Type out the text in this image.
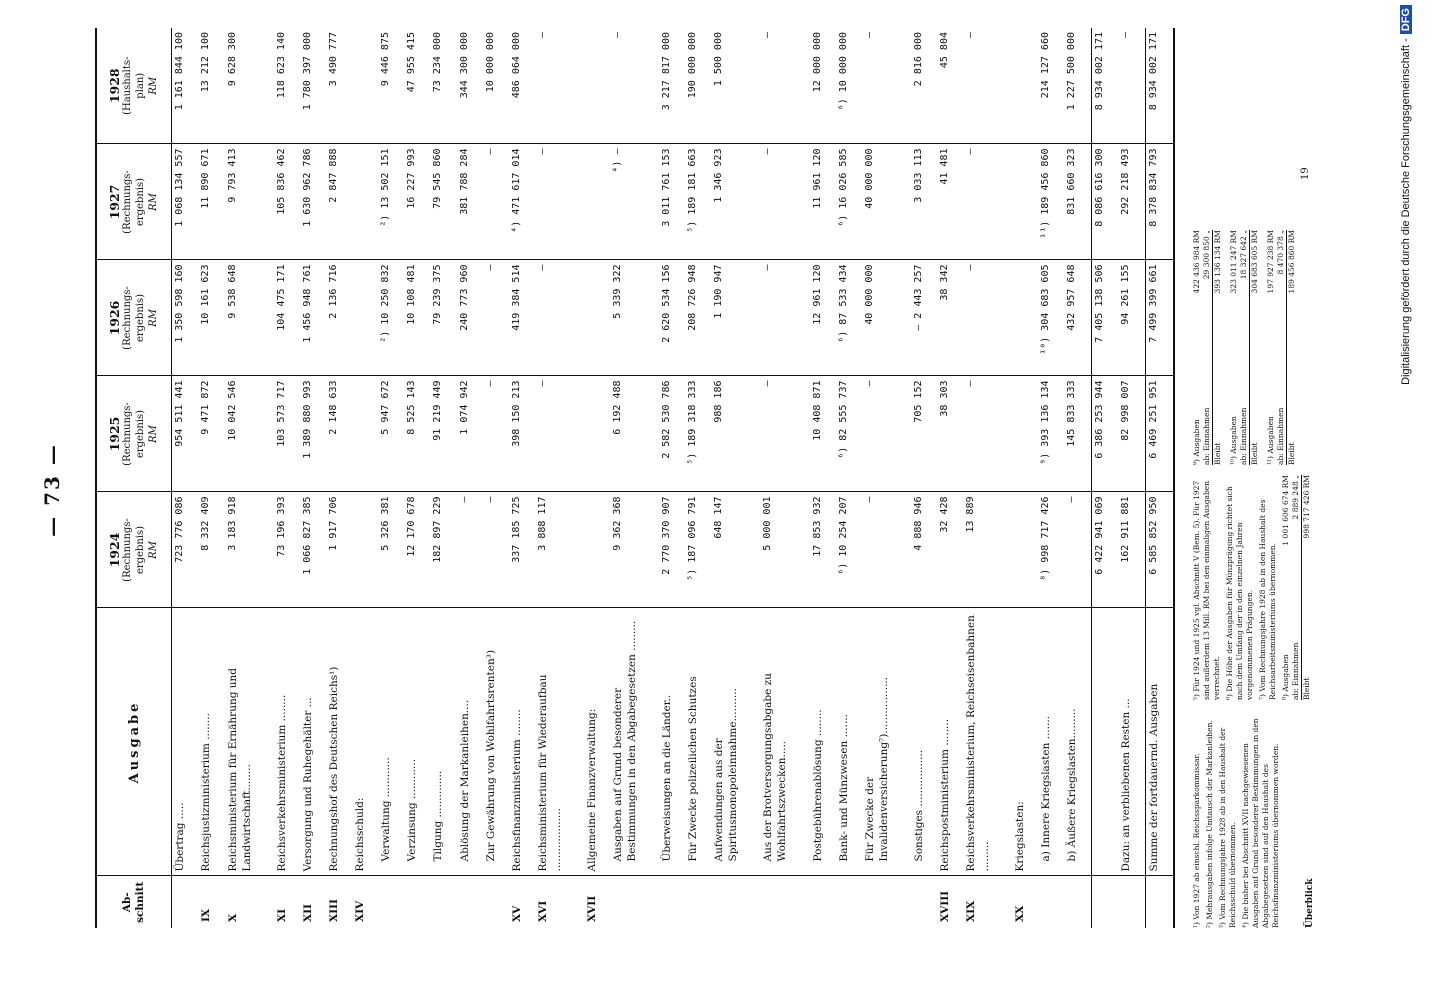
— 73 —
Ab-
schnitt	Ausgabe	1924 (Rechnungs-
ergebnis) RM	1925 (Rechnungs-
ergebnis) RM	1926 (Rechnungs-
ergebnis) RM	1927 (Rechnungs-
ergebnis) RM	1928 (Haushalts-
plan) RM

	Übertrag .....	723 776 086	954 511 441	1 350 598 160	1 068 134 557	1 161 844 100
IX	Reichsjustizministerium ........	8 332 409	9 471 872	10 161 623	11 890 671	13 212 100
X	Reichsministerium für Ernährung und Landwirtschaft........	3 183 918	10 042 546	9 538 648	9 793 413	9 628 300
XI	Reichsverkehrsministerium ........	73 196 393	103 573 717	104 475 171	105 836 462	118 623 140
XII	Versorgung und Ruhegehälter ...	1 066 827 385	1 389 880 993	1 456 948 761	1 630 962 786	1 780 397 000
XIII	Rechnungshof des Deutschen Reichs¹)	1 917 706	2 148 633	2 136 716	2 847 888	3 490 777
XIV	Reichsschuld:					
	Verwaltung ............	5 326 381	5 947 672	²) 10 250 832	²) 13 502 151	9 446 875
	Verzinsung ............	12 170 678	8 525 143	10 108 481	16 227 993	47 955 415
	Tilgung ..............	182 897 229	91 219 449	79 239 375	79 545 860	73 234 000
	Ablösung der Markanleihen....	—	1 074 942	240 773 960	381 788 284	344 300 000
	Zur Gewährung von Wohlfahrtsrenten³)	—	—	—	—	10 000 000
XV	Reichsfinanzministerium ........	337 185 725	398 150 213	419 384 514	⁴) 471 617 014	486 064 000
XVI	Reichsministerium für Wiederaufbau ...................	3 888 117	—	—	—	—
XVII	Allgemeine Finanzverwaltung:					
	Ausgaben auf Grund besonderer Bestimmungen in den Abgabegesetzen .........	9 362 368	6 192 488	5 339 322	⁴) —	—
	Überweisungen an die Länder..	2 770 370 907	2 582 530 786	2 620 534 156	3 011 761 153	3 217 817 000
	Für Zwecke polizeilichen Schutzes	⁵) 187 096 791	⁵) 189 318 333	208 726 948	⁵) 189 181 663	190 000 000
	Aufwendungen aus der Spiritusmonopoleinnahme..........	648 147	988 186	1 190 947	1 346 923	1 500 000
	Aus der Brotversorgungsabgabe zu Wohlfahrtszwecken.....	5 000 001	—	—	—	—
	Postgebührenablösung ........	17 853 932	10 408 871	12 961 120	11 961 120	12 000 000
	Bank- und Münzwesen .......	⁶) 10 254 207	⁶) 82 555 737	⁶) 87 533 434	⁶) 16 026 585	⁶) 10 000 000
	Für Zwecke der Invalidenversicherung⁷).................	—	—	40 000 000	40 000 000	—
	Sonstiges .................	4 888 946	705 152	— 2 443 257	3 033 113	2 816 000
XVIII	Reichspostministerium ........	32 428	38 303	38 342	41 481	45 804
XIX	Reichsverkehrsministerium, Reichseisenbahnen .........	13 889	—	—	—	—
XX	Kriegslasten:					
	a) Innere Kriegslasten .......	⁸) 998 717 426	⁹) 393 136 134	¹⁰) 304 683 605	¹¹) 189 456 860	214 127 660
	b) Äußere Kriegslasten.........	—	145 833 333	432 957 648	831 660 323	1 227 500 000
		6 422 941 069	6 386 253 944	7 405 138 506	8 086 616 300	8 934 002 171
	Dazu: an verbliebenen Resten ...	162 911 881	82 998 007	94 261 155	292 218 493	—
	Summe der fortdauernd. Ausgaben	6 585 852 950	6 469 251 951	7 499 399 661	8 378 834 793	8 934 002 171
¹) Von 1927 ab einschl. Reichssparkommissar. ²) Mehrausgaben infolge Umtausch der Markanleihen. ³) Vom Rechnungsjahre 1928 ab in den Haushalt der Reichsschuld übernommen. ⁴) Die bisher bei Abschnitt XVII nachgewiesenen Ausgaben auf Grund besonderer Bestimmungen in den Abgabegesetzen sind auf den Haushalt des Reichsfinanzministeriums übernommen worden.
⁵) Für 1924 und 1925 vgl. Abschnitt V (Bem. 5). Für 1927 sind außerdem 13 Mill. RM bei den einmaligen Ausgaben verrechnet. ⁶) Die Höhe der Ausgaben für Münzprägung richtet sich nach dem Umfang der in den einzelnen Jahren vorgenommenen Prägungen. ⁷) Vom Rechnungsjahre 1928 ab in den Haushalt des Reichsarbeitsministeriums übernommen. ⁸) Ausgaben
1 001 606 674 RM
ab: Einnahmen
2 889 248 „
Bleibt
998 717 426 RM
⁹) Ausgaben
422 436 984 RM
ab: Einnahmen
29 300 850 „
Bleibt
393 136 134 RM
¹⁰) Ausgaben
323 011 247 RM
ab: Einnahmen
18 327 642 „
Bleibt
304 683 605 RM
¹¹) Ausgaben
197 927 238 RM
ab: Einnahmen
8 470 378 „
Bleibt
189 456 860 RM
Überblick
19	Digitalisierung gefördert durch die Deutsche Forschungsgemeinschaft -DFG
